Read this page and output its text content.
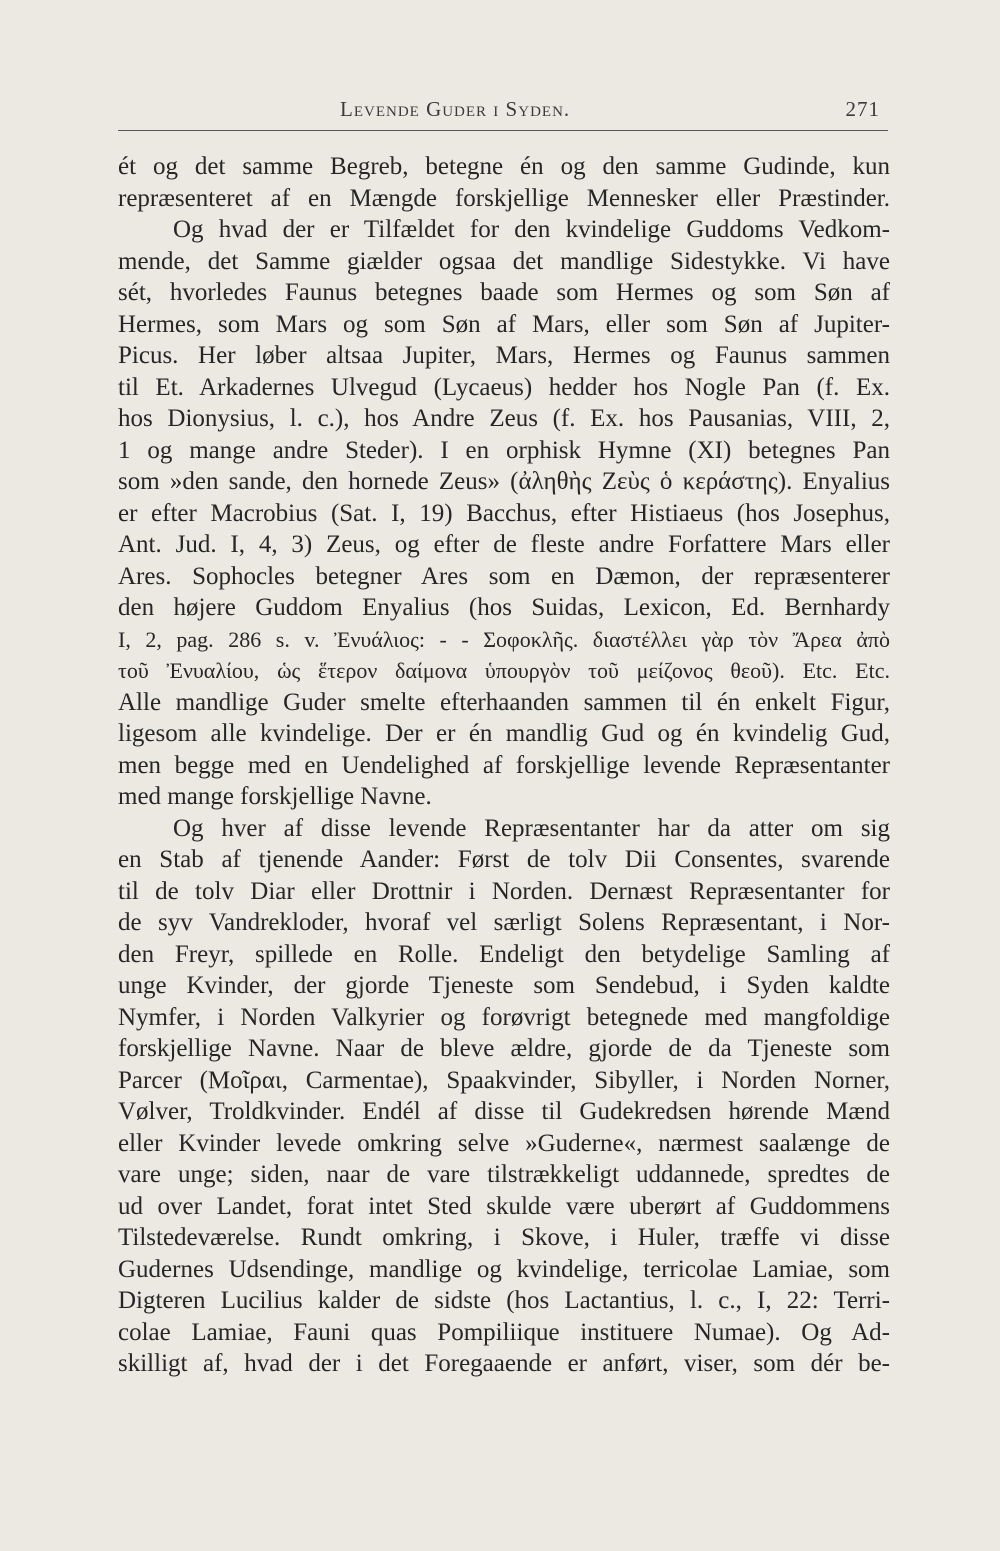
Levende Guder i Syden.	271
ét og det samme Begreb, betegne én og den samme Gudinde, kun
repræsenteret af en Mængde forskjellige Mennesker eller Præstinder.
Og hvad der er Tilfældet for den kvindelige Guddoms Vedkom-
mende, det Samme giælder ogsaa det mandlige Sidestykke. Vi have
sét, hvorledes Faunus betegnes baade som Hermes og som Søn af
Hermes, som Mars og som Søn af Mars, eller som Søn af Jupiter-
Picus. Her løber altsaa Jupiter, Mars, Hermes og Faunus sammen
til Et. Arkadernes Ulvegud (Lycaeus) hedder hos Nogle Pan (f. Ex.
hos Dionysius, l. c.), hos Andre Zeus (f. Ex. hos Pausanias, VIII, 2,
1 og mange andre Steder). I en orphisk Hymne (XI) betegnes Pan
som »den sande, den hornede Zeus» (ἀληθὴς Ζεὺς ὁ κεράστης). Enyalius
er efter Macrobius (Sat. I, 19) Bacchus, efter Histiaeus (hos Josephus,
Ant. Jud. I, 4, 3) Zeus, og efter de fleste andre Forfattere Mars eller
Ares. Sophocles betegner Ares som en Dæmon, der repræsenterer
den højere Guddom Enyalius (hos Suidas, Lexicon, Ed. Bernhardy
I, 2, pag. 286 s. v. Ἐνυάλιος: - - Σοφοκλῆς. διαστέλλει γὰρ τὸν Ἄρεα ἀπὸ
τοῦ Ἐνυαλίου, ὡς ἕτερον δαίμονα ὑπουργὸν τοῦ μείζονος θεοῦ). Etc. Etc.
Alle mandlige Guder smelte efterhaanden sammen til én enkelt Figur,
ligesom alle kvindelige. Der er én mandlig Gud og én kvindelig Gud,
men begge med en Uendelighed af forskjellige levende Repræsentanter
med mange forskjellige Navne.
Og hver af disse levende Repræsentanter har da atter om sig
en Stab af tjenende Aander: Først de tolv Dii Consentes, svarende
til de tolv Diar eller Drottnir i Norden. Dernæst Repræsentanter for
de syv Vandrekloder, hvoraf vel særligt Solens Repræsentant, i Nor-
den Freyr, spillede en Rolle. Endeligt den betydelige Samling af
unge Kvinder, der gjorde Tjeneste som Sendebud, i Syden kaldte
Nymfer, i Norden Valkyrier og forøvrigt betegnede med mangfoldige
forskjellige Navne. Naar de bleve ældre, gjorde de da Tjeneste som
Parcer (Μοῖραι, Carmentae), Spaakvinder, Sibyller, i Norden Norner,
Vølver, Troldkvinder. Endél af disse til Gudekredsen hørende Mænd
eller Kvinder levede omkring selve »Guderne«, nærmest saalænge de
vare unge; siden, naar de vare tilstrækkeligt uddannede, spredtes de
ud over Landet, forat intet Sted skulde være uberørt af Guddommens
Tilstedeværelse. Rundt omkring, i Skove, i Huler, træffe vi disse
Gudernes Udsendinge, mandlige og kvindelige, terricolae Lamiae, som
Digteren Lucilius kalder de sidste (hos Lactantius, l. c., I, 22: Terri-
colae Lamiae, Fauni quas Pompiliique instituere Numae). Og Ad-
skilligt af, hvad der i det Foregaaende er anført, viser, som dér be-
